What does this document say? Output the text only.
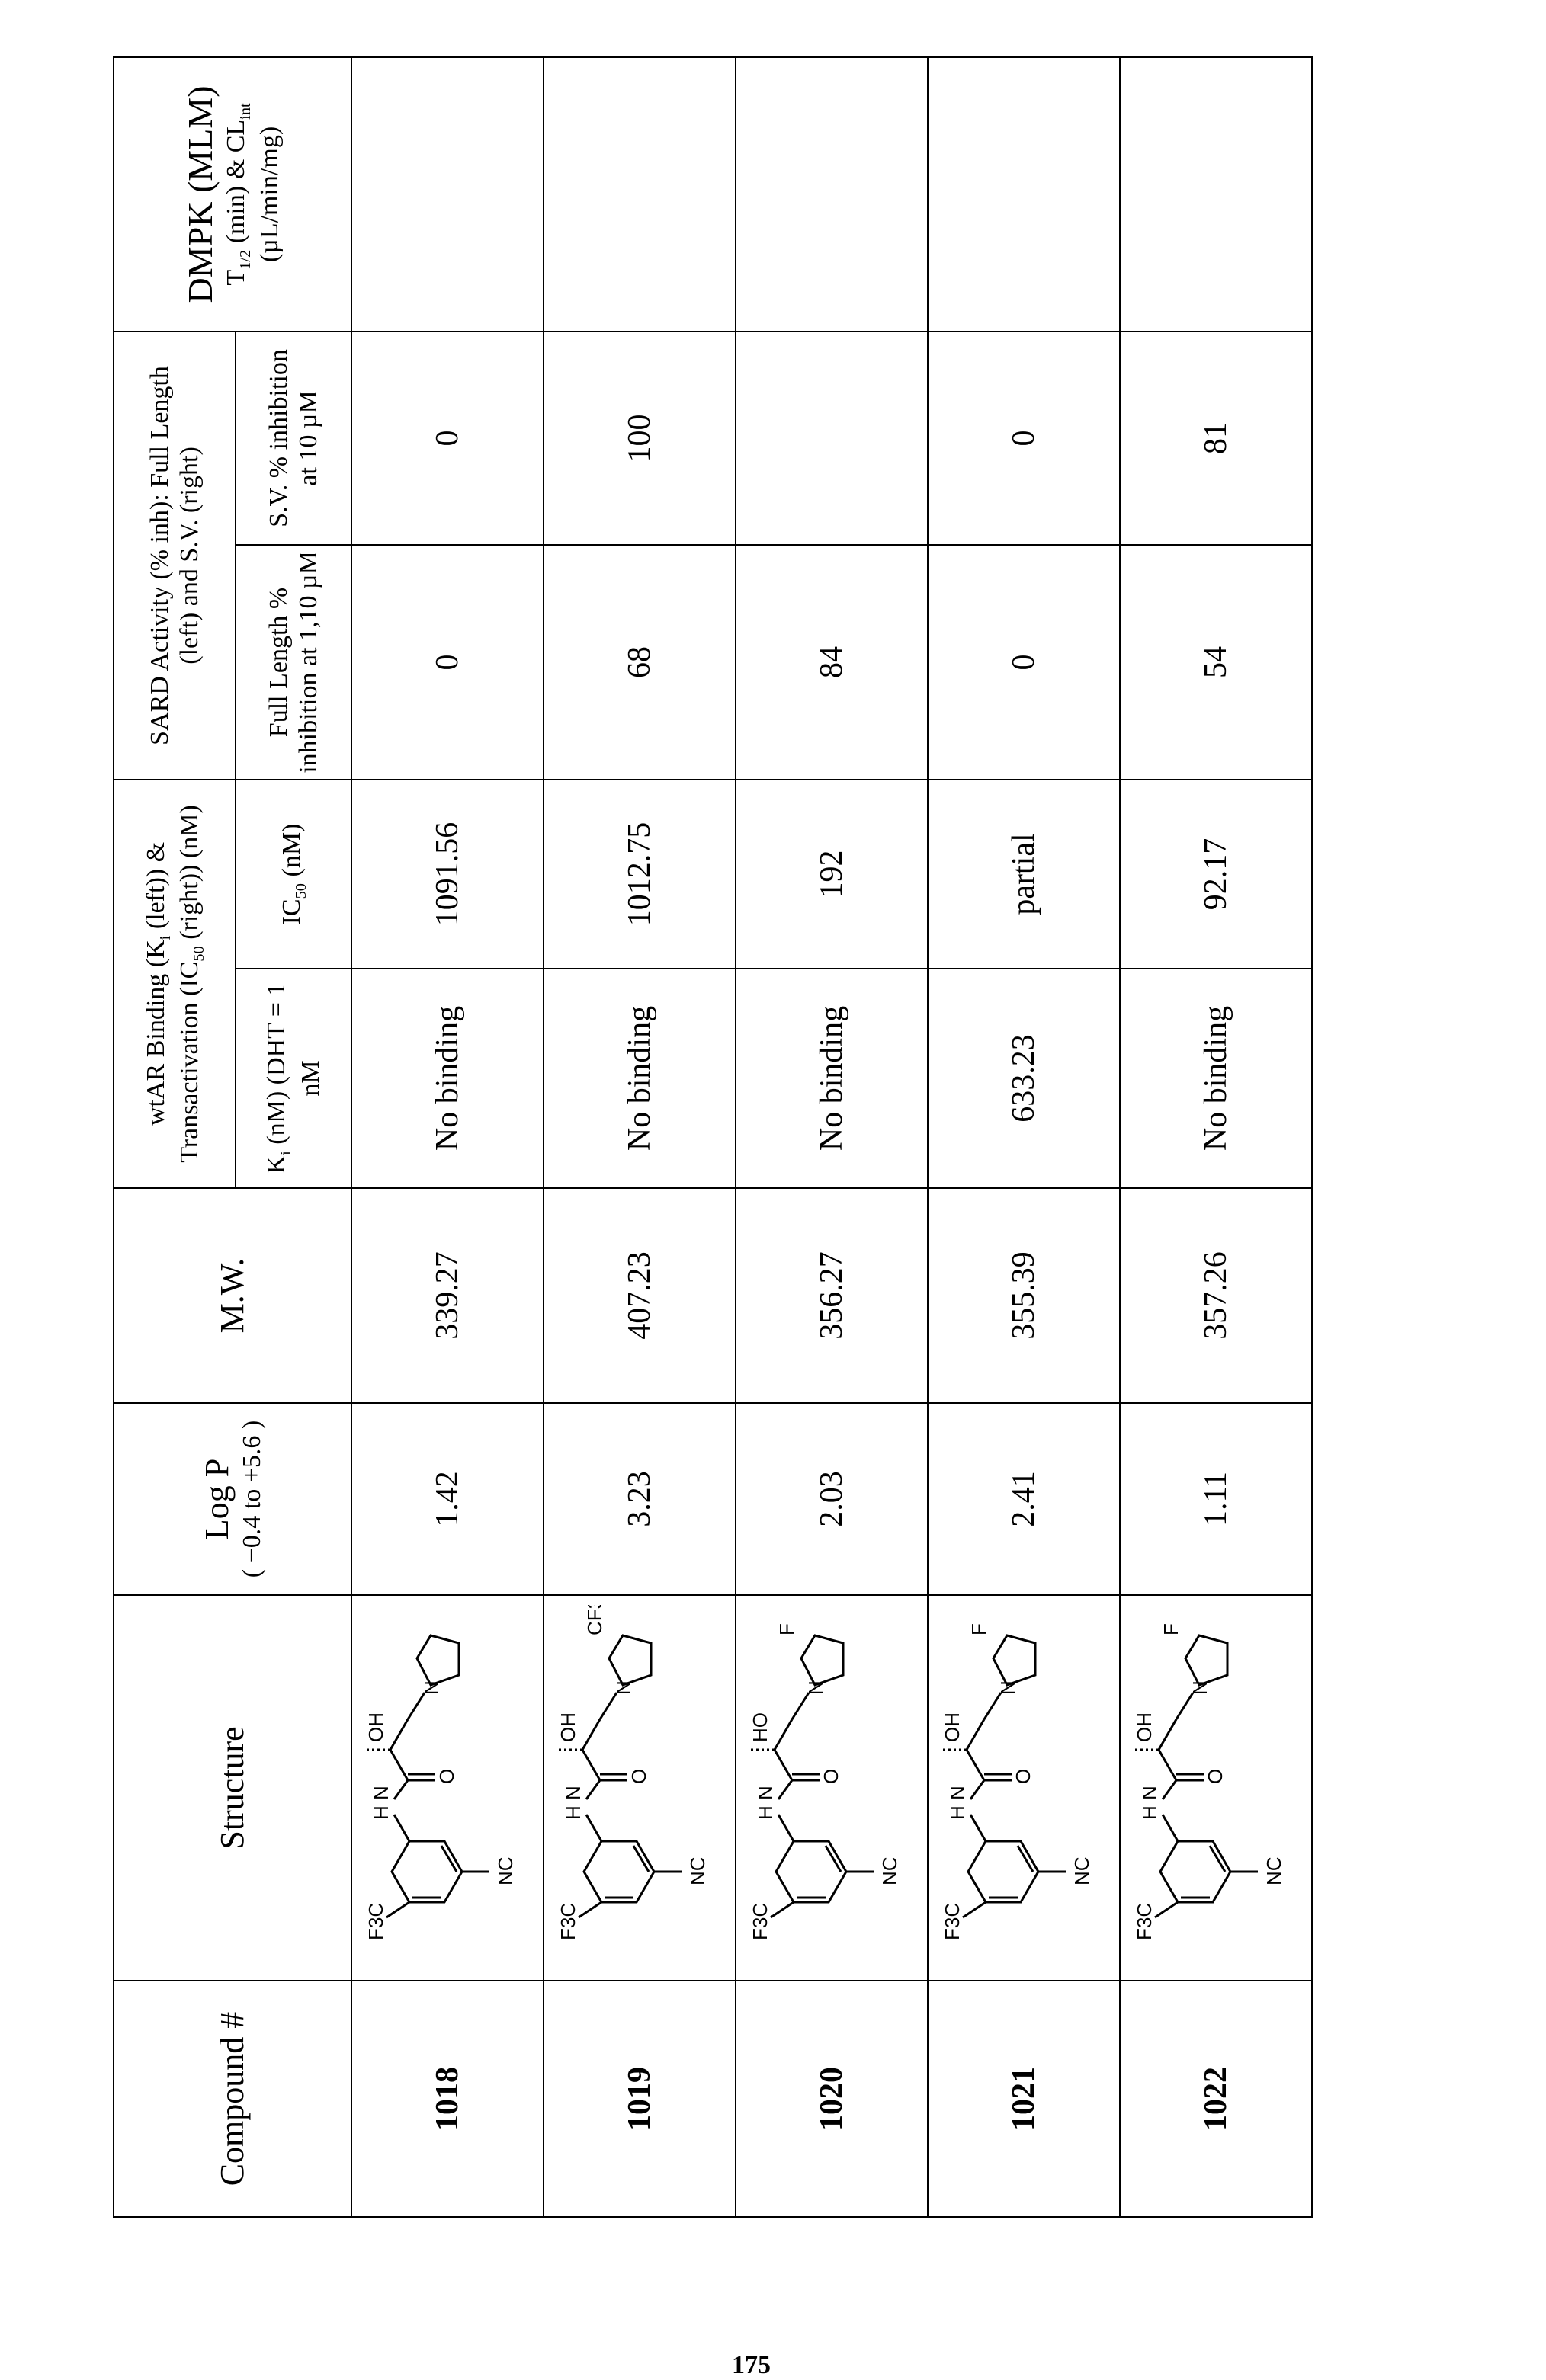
Compound #	Structure	Log P
( −0.4 to +5.6 )	M.W.	wtAR Binding (Ki (left)) & Transactivation (IC50 (right)) (nM)	SARD Activity (% inh): Full Length (left) and S.V. (right)	DMPK (MLM)
T1/2 (min) & CLint
(µL/min/mg)
Ki (nM) (DHT = 1 nM	IC50 (nM)	Full Length % inhibition at 1,10 µM	S.V. % inhibition at 10 µM
1018	
F3C
NC
H N
O
OH
N
	1.42	339.27	No binding	1091.56	0	0	
1019	
F3C
NC
H N
O
OH
N
CF3
	3.23	407.23	No binding	1012.75	68	100	
1020	
F3C
NC
H N
O
HO
N
F
	2.03	356.27	No binding	192	84		
1021	
F3C
NC
H N
O
OH
N
F
	2.41	355.39	633.23	partial	0	0	
1022	
F3C
NC
H N
O
OH
N
F
	1.11	357.26	No binding	92.17	54	81	
175
